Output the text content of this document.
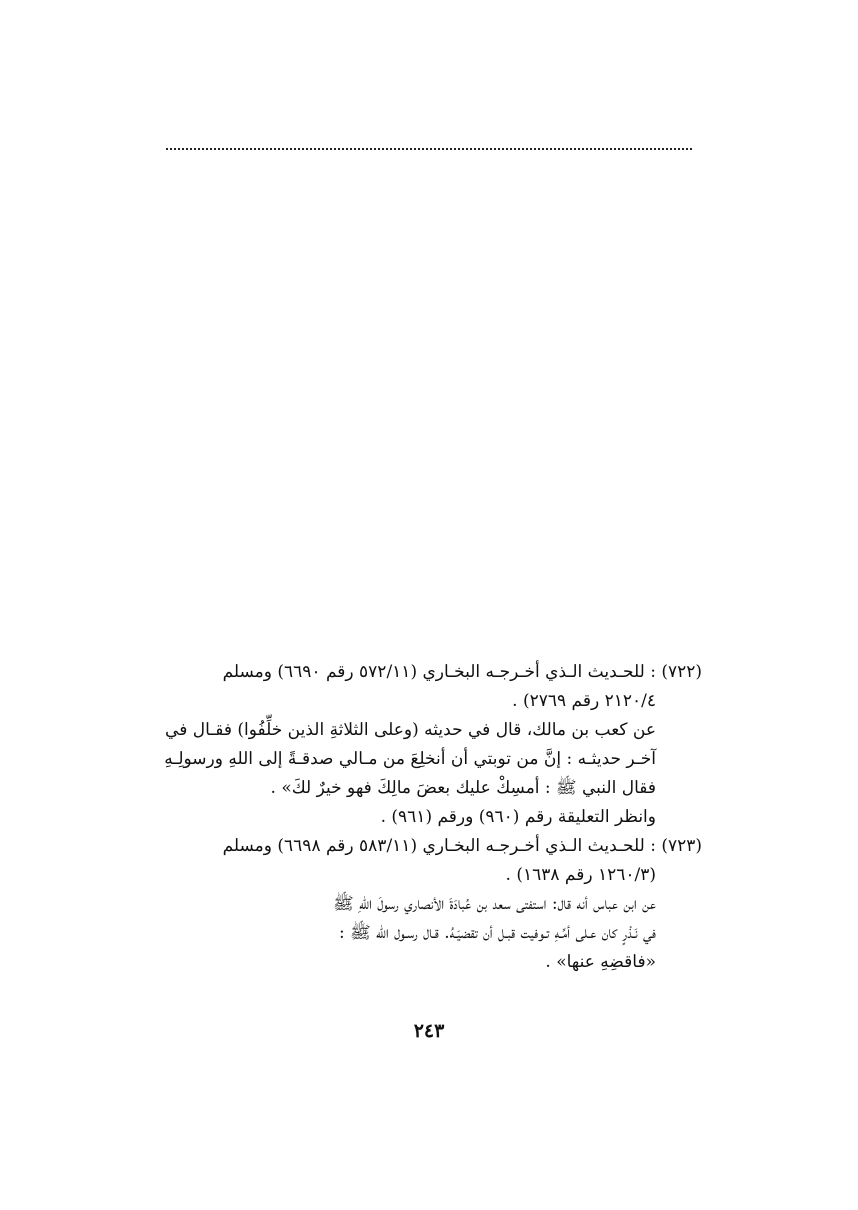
(٧٢٢) : للحـديث الـذي أخـرجـه البخـاري (٥٧٢/١١ رقم ٦٦٩٠) ومسلم
٢١٢٠/٤ رقم ٢٧٦٩) .
عن كعب بن مالك، قال في حديثه (وعلى الثلاثةِ الذين خلِّفُوا) فقـال في
آخـر حديثـه : إنَّ من توبتي أن أنخلِعَ من مـالي صدقـةً إلى اللهِ ورسولِـهِ
فقال النبي ﷺ : أمسِكْ عليك بعضَ مالِكَ فهو خيرٌ لكَ» .
وانظر التعليقة رقم (٩٦٠) ورقم (٩٦١) .
(٧٢٣) : للحـديث الـذي أخـرجـه البخـاري (٥٨٣/١١ رقم ٦٦٩٨) ومسلم
(١٢٦٠/٣ رقم ١٦٣٨) .
عن ابن عباس أنه قال: استفتى سعد بن عُبادَةَ الأنصاري رسولَ اللهِ ﷺ
في نَـذْرٍ كان عـلى أمِّـهِ تـوفيت قبـل أن تقضيَـهُ. قـال رسـول الله ﷺ :
«فاقضِهِ عنها» .
٢٤٣
